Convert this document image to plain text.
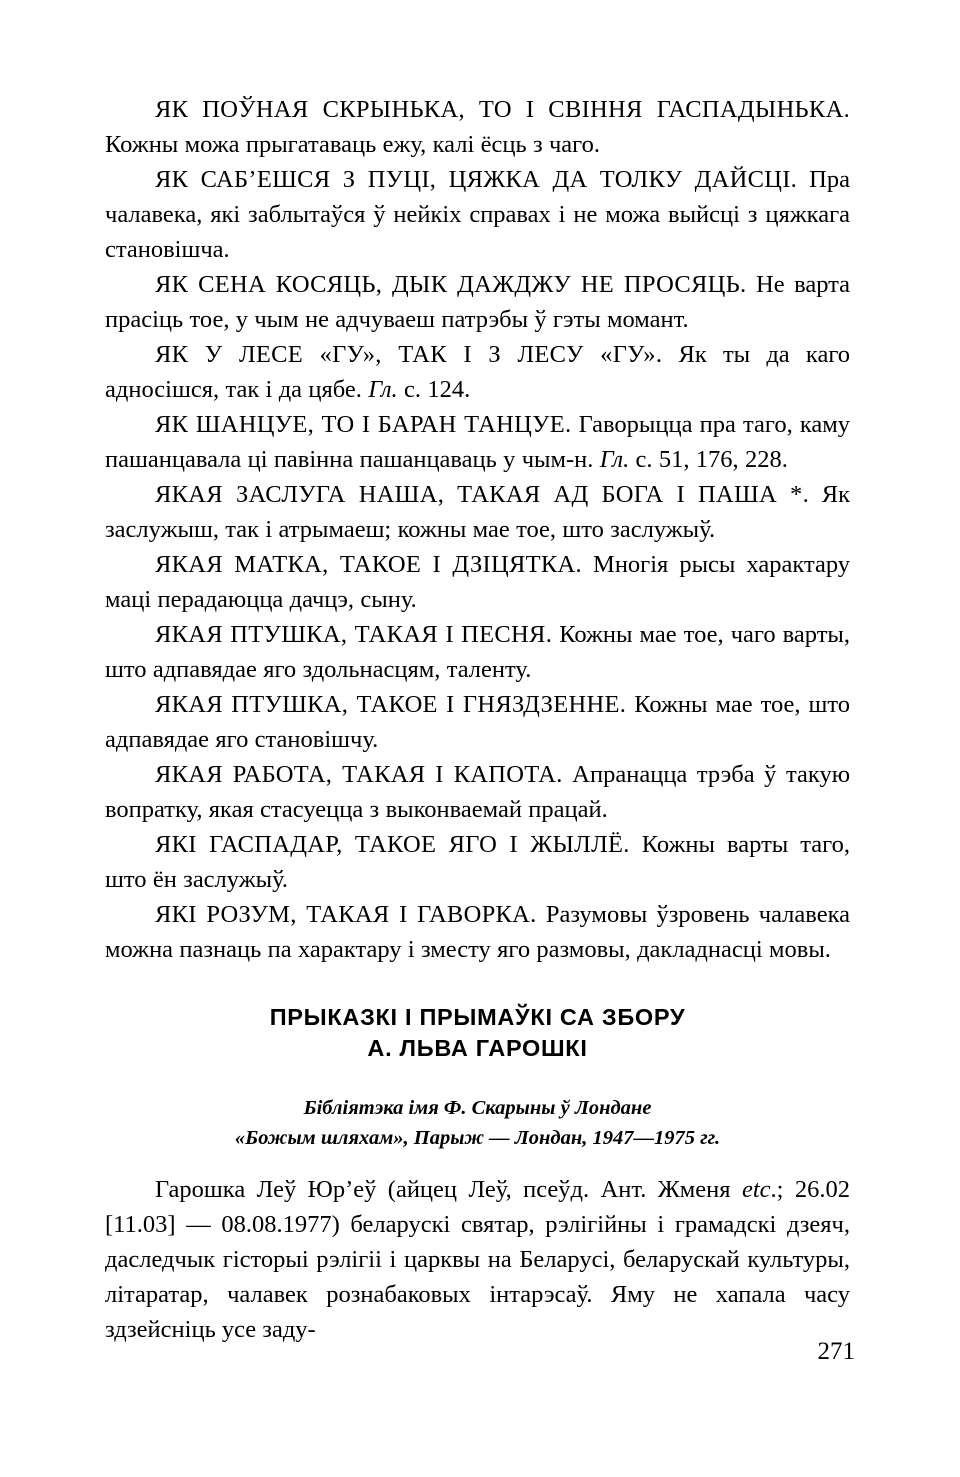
ЯК ПОЎНАЯ СКРЫНЬКА, ТО І СВІННЯ ГАСПАДЫНЬКА. Кожны можа прыгатаваць ежу, калі ёсць з чаго.

ЯК САБ’ЕШСЯ З ПУЦІ, ЦЯЖКА ДА ТОЛКУ ДАЙСЦІ. Пра чалавека, які заблытаўся ў нейкіх справах і не можа выйсці з цяжкага становішча.

ЯК СЕНА КОСЯЦЬ, ДЫК ДАЖДЖУ НЕ ПРОСЯЦЬ. Не варта прасіць тое, у чым не адчуваеш патрэбы ў гэты момант.

ЯК У ЛЕСЕ «ГУ», ТАК І З ЛЕСУ «ГУ». Як ты да каго адносішся, так і да цябе. Гл. с. 124.

ЯК ШАНЦУЕ, ТО І БАРАН ТАНЦУЕ. Гаворыцца пра таго, каму пашанцавала ці павінна пашанцаваць у чым-н. Гл. с. 51, 176, 228.

ЯКАЯ ЗАСЛУГА НАША, ТАКАЯ АД БОГА І ПАША *. Як заслужыш, так і атрымаеш; кожны мае тое, што заслужыў.

ЯКАЯ МАТКА, ТАКОЕ І ДЗІЦЯТКА. Многія рысы характару маці перадаюцца дачцэ, сыну.

ЯКАЯ ПТУШКА, ТАКАЯ І ПЕСНЯ. Кожны мае тое, чаго варты, што адпавядае яго здольнасцям, таленту.

ЯКАЯ ПТУШКА, ТАКОЕ І ГНЯЗДЗЕННЕ. Кожны мае тое, што адпавядае яго становішчу.

ЯКАЯ РАБОТА, ТАКАЯ І КАПОТА. Апранацца трэба ў такую вопратку, якая стасуецца з выконваемай працай.

ЯКІ ГАСПАДАР, ТАКОЕ ЯГО І ЖЫЛЛЁ. Кожны варты таго, што ён заслужыў.

ЯКІ РОЗУМ, ТАКАЯ І ГАВОРКА. Разумовы ўзровень чалавека можна пазнаць па характару і зместу яго размовы, дакладнасці мовы.

ПРЫКАЗКІ І ПРЫМАЎКІ СА ЗБОРУ
А. ЛЬВА ГАРОШКІ
Бібліятэка імя Ф. Скарыны ў Лондане
«Божым шляхам», Парыж — Лондан, 1947—1975 гг.

Гарошка Леў Юр’еў (айцец Леў, псеўд. Ант. Жменя etc.; 26.02 [11.03] — 08.08.1977) беларускі святар, рэлігійны і грамадскі дзеяч, даследчык гісторыі рэлігіі і царквы на Беларусі, беларускай культуры, літаратар, чалавек рознабаковых інтарэсаў. Яму не хапала часу здзейсніць усе заду-

271
